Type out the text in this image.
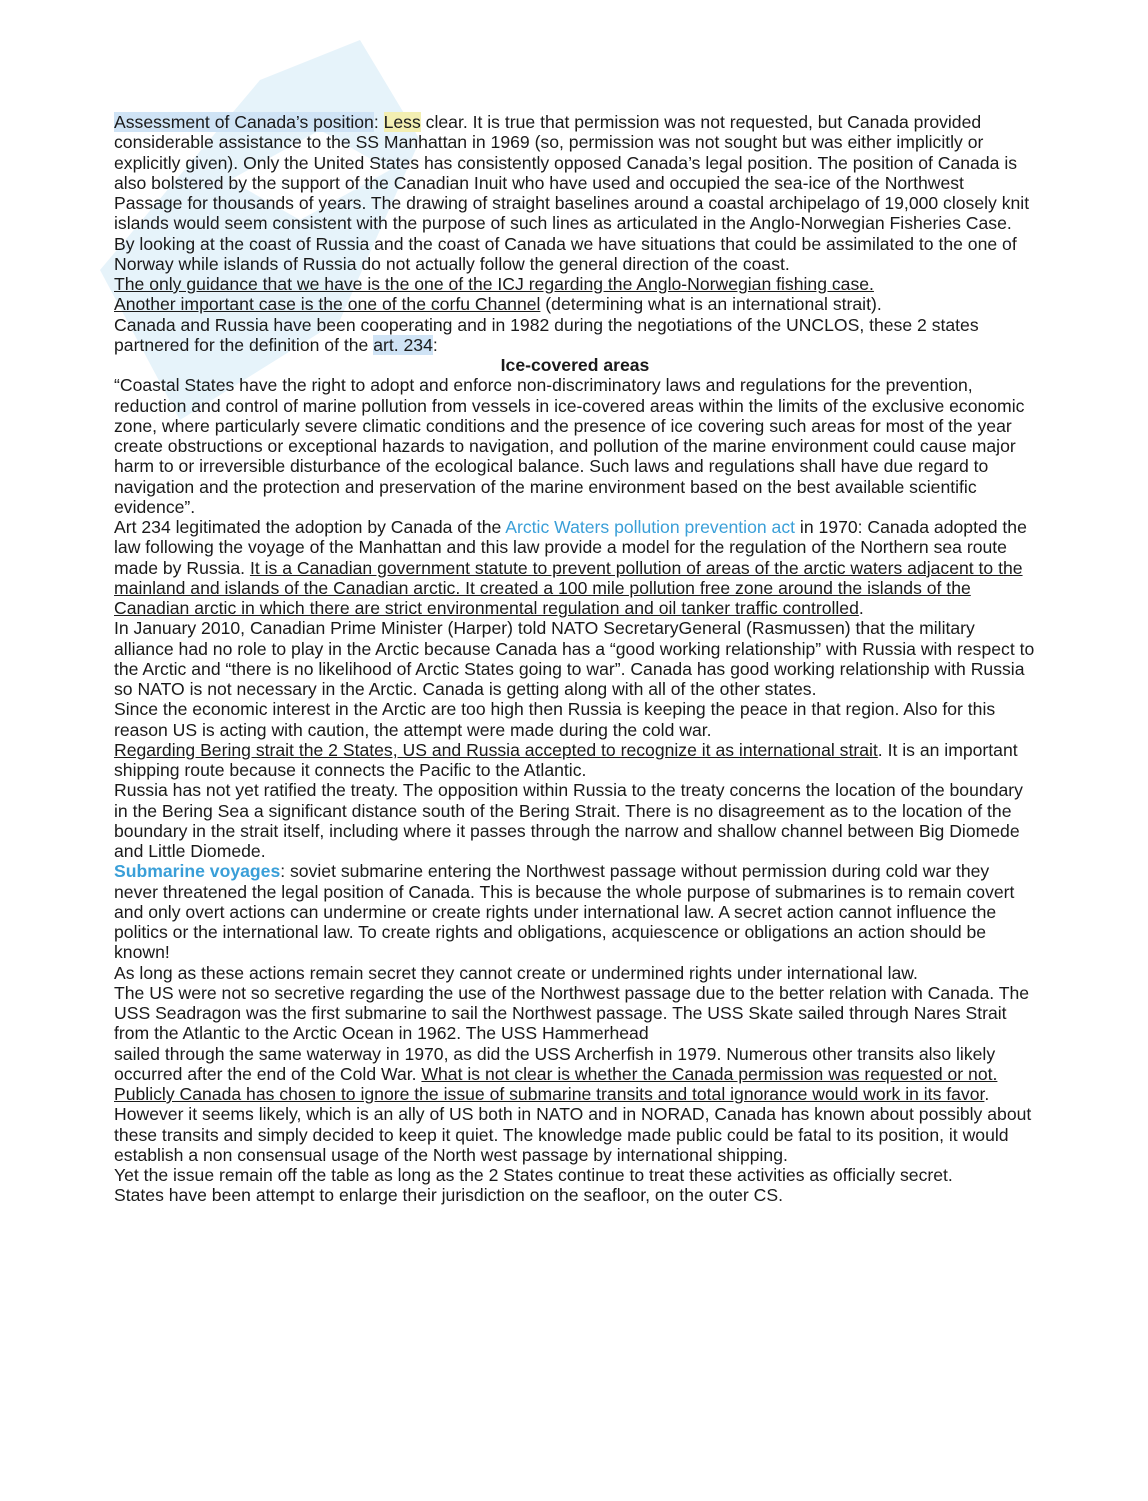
Assessment of Canada’s position: Less clear. It is true that permission was not requested, but Canada provided considerable assistance to the SS Manhattan in 1969 (so, permission was not sought but was either implicitly or explicitly given). Only the United States has consistently opposed Canada’s legal position. The position of Canada is also bolstered by the support of the Canadian Inuit who have used and occupied the sea-ice of the Northwest Passage for thousands of years. The drawing of straight baselines around a coastal archipelago of 19,000 closely knit islands would seem consistent with the purpose of such lines as articulated in the Anglo-Norwegian Fisheries Case.

By looking at the coast of Russia and the coast of Canada we have situations that could be assimilated to the one of Norway while islands of Russia do not actually follow the general direction of the coast.

The only guidance that we have is the one of the ICJ regarding the Anglo-Norwegian fishing case.
Another important case is the one of the corfu Channel (determining what is an international strait).

Canada and Russia have been cooperating and in 1982 during the negotiations of the UNCLOS, these 2 states partnered for the definition of the art. 234:

Ice-covered areas

“Coastal States have the right to adopt and enforce non-discriminatory laws and regulations for the prevention, reduction and control of marine pollution from vessels in ice-covered areas within the limits of the exclusive economic zone, where particularly severe climatic conditions and the presence of ice covering such areas for most of the year create obstructions or exceptional hazards to navigation, and pollution of the marine environment could cause major harm to or irreversible disturbance of the ecological balance. Such laws and regulations shall have due regard to navigation and the protection and preservation of the marine environment based on the best available scientific evidence”.

Art 234 legitimated the adoption by Canada of the Arctic Waters pollution prevention act in 1970: Canada adopted the law following the voyage of the Manhattan and this law provide a model for the regulation of the Northern sea route made by Russia. It is a Canadian government statute to prevent pollution of areas of the arctic waters adjacent to the mainland and islands of the Canadian arctic. It created a 100 mile pollution free zone around the islands of the Canadian arctic in which there are strict environmental regulation and oil tanker traffic controlled.

In January 2010, Canadian Prime Minister (Harper) told NATO SecretaryGeneral (Rasmussen) that the military alliance had no role to play in the Arctic because Canada has a “good working relationship” with Russia with respect to the Arctic and “there is no likelihood of Arctic States going to war”. Canada has good working relationship with Russia so NATO is not necessary in the Arctic. Canada is getting along with all of the other states.

Since the economic interest in the Arctic are too high then Russia is keeping the peace in that region. Also for this reason US is acting with caution, the attempt were made during the cold war.

Regarding Bering strait the 2 States, US and Russia accepted to recognize it as international strait. It is an important shipping route because it connects the Pacific to the Atlantic.

Russia has not yet ratified the treaty. The opposition within Russia to the treaty concerns the location of the boundary in the Bering Sea a significant distance south of the Bering Strait. There is no disagreement as to the location of the boundary in the strait itself, including where it passes through the narrow and shallow channel between Big Diomede and Little Diomede.

Submarine voyages: soviet submarine entering the Northwest passage without permission during cold war they never threatened the legal position of Canada. This is because the whole purpose of submarines is to remain covert and only overt actions can undermine or create rights under international law. A secret action cannot influence the politics or the international law. To create rights and obligations, acquiescence or obligations an action should be known!

As long as these actions remain secret they cannot create or undermined rights under international law.

The US were not so secretive regarding the use of the Northwest passage due to the better relation with Canada. The USS Seadragon was the first submarine to sail the Northwest passage. The USS Skate sailed through Nares Strait from the Atlantic to the Arctic Ocean in 1962. The USS Hammerhead

sailed through the same waterway in 1970, as did the USS Archerfish in 1979. Numerous other transits also likely occurred after the end of the Cold War. What is not clear is whether the Canada permission was requested or not. Publicly Canada has chosen to ignore the issue of submarine transits and total ignorance would work in its favor. However it seems likely, which is an ally of US both in NATO and in NORAD, Canada has known about possibly about these transits and simply decided to keep it quiet. The knowledge made public could be fatal to its position, it would establish a non consensual usage of the North west passage by international shipping.

Yet the issue remain off the table as long as the 2 States continue to treat these activities as officially secret.

States have been attempt to enlarge their jurisdiction on the seafloor, on the outer CS.
